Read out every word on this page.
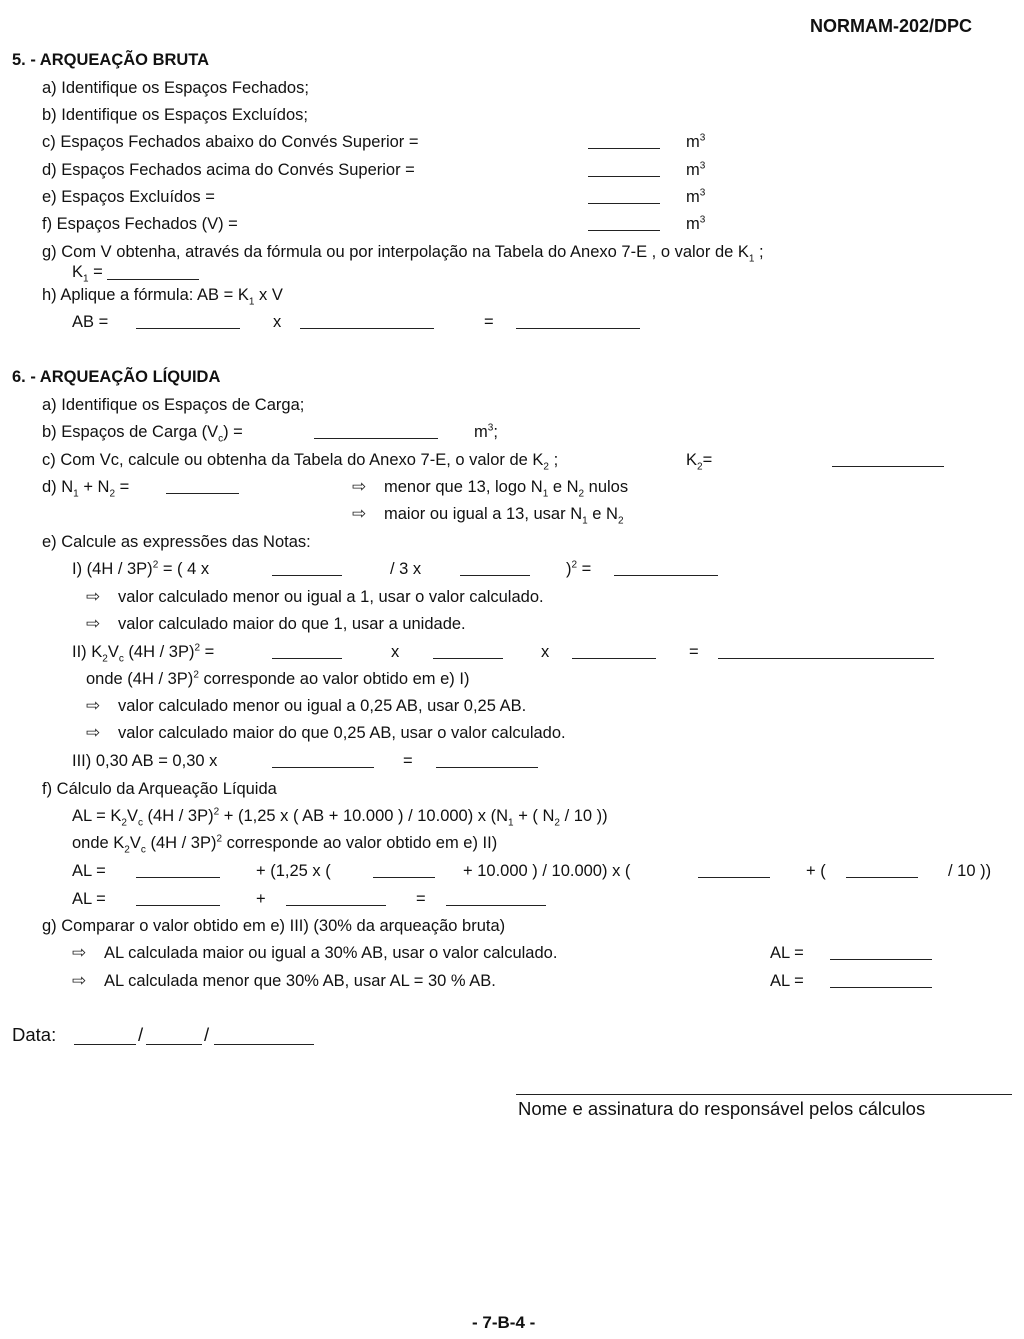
NORMAM-202/DPC
5. - ARQUEAÇÃO BRUTA
a) Identifique os Espaços Fechados;
b) Identifique os Espaços Excluídos;
c) Espaços Fechados abaixo do Convés Superior =	$m^3$
d) Espaços Fechados acima do Convés Superior =	$m^3$
e) Espaços Excluídos =	$m^3$
f) Espaços Fechados (V) =	$m^3$
g) Com V obtenha, através da fórmula ou por interpolação na Tabela do Anexo 7-E , o valor de $K_1$ ;
$K_1$ =
h) Aplique a fórmula: AB = $K_1$ x V
AB =	x	=
6. - ARQUEAÇÃO LÍQUIDA
a) Identifique os Espaços de Carga;
b) Espaços de Carga $(V_c)$ =	$m^3$;
c) Com Vc, calcule ou obtenha da Tabela do Anexo 7-E, o valor de $K_2$ ;	$K_2=$
d) $N_1 + N_2$ =	⇨ menor que 13, logo $N_1$ e $N_2$ nulos
⇨ maior ou igual a 13, usar $N_1$ e $N_2$
e) Calcule as expressões das Notas:
I) (4H / 3P)$^2$ = ( 4 x	/ 3 x	)$^2$ =
⇨ valor calculado menor ou igual a 1, usar o valor calculado.
⇨ valor calculado maior do que 1, usar a unidade.
II) $K_2V_c$ (4H / 3P)$^2$ =	x	x	=
onde (4H / 3P)$^2$ corresponde ao valor obtido em e) I)
⇨ valor calculado menor ou igual a 0,25 AB, usar 0,25 AB.
⇨ valor calculado maior do que 0,25 AB, usar o valor calculado.
III) 0,30 AB = 0,30 x	=
f) Cálculo da Arqueação Líquida
AL = $K_2V_c$ (4H / 3P)$^2$ + (1,25 x ( AB + 10.000 ) / 10.000) x ($N_1$ + ( $N_2 / 10$ ))
onde $K_2V_c$ (4H / 3P)$^2$ corresponde ao valor obtido em e) II)
AL =	+ (1,25 x (	+ 10.000 ) / 10.000) x (	+ (	/ 10 ))
AL =	+	=
g) Comparar o valor obtido em e) III) (30% da arqueação bruta)
⇨ AL calculada maior ou igual a 30% AB, usar o valor calculado.	AL =
⇨ AL calculada menor que 30% AB, usar AL = 30 % AB.	AL =
Data:	/	/
Nome e assinatura do responsável pelos cálculos
- 7-B-4 -
